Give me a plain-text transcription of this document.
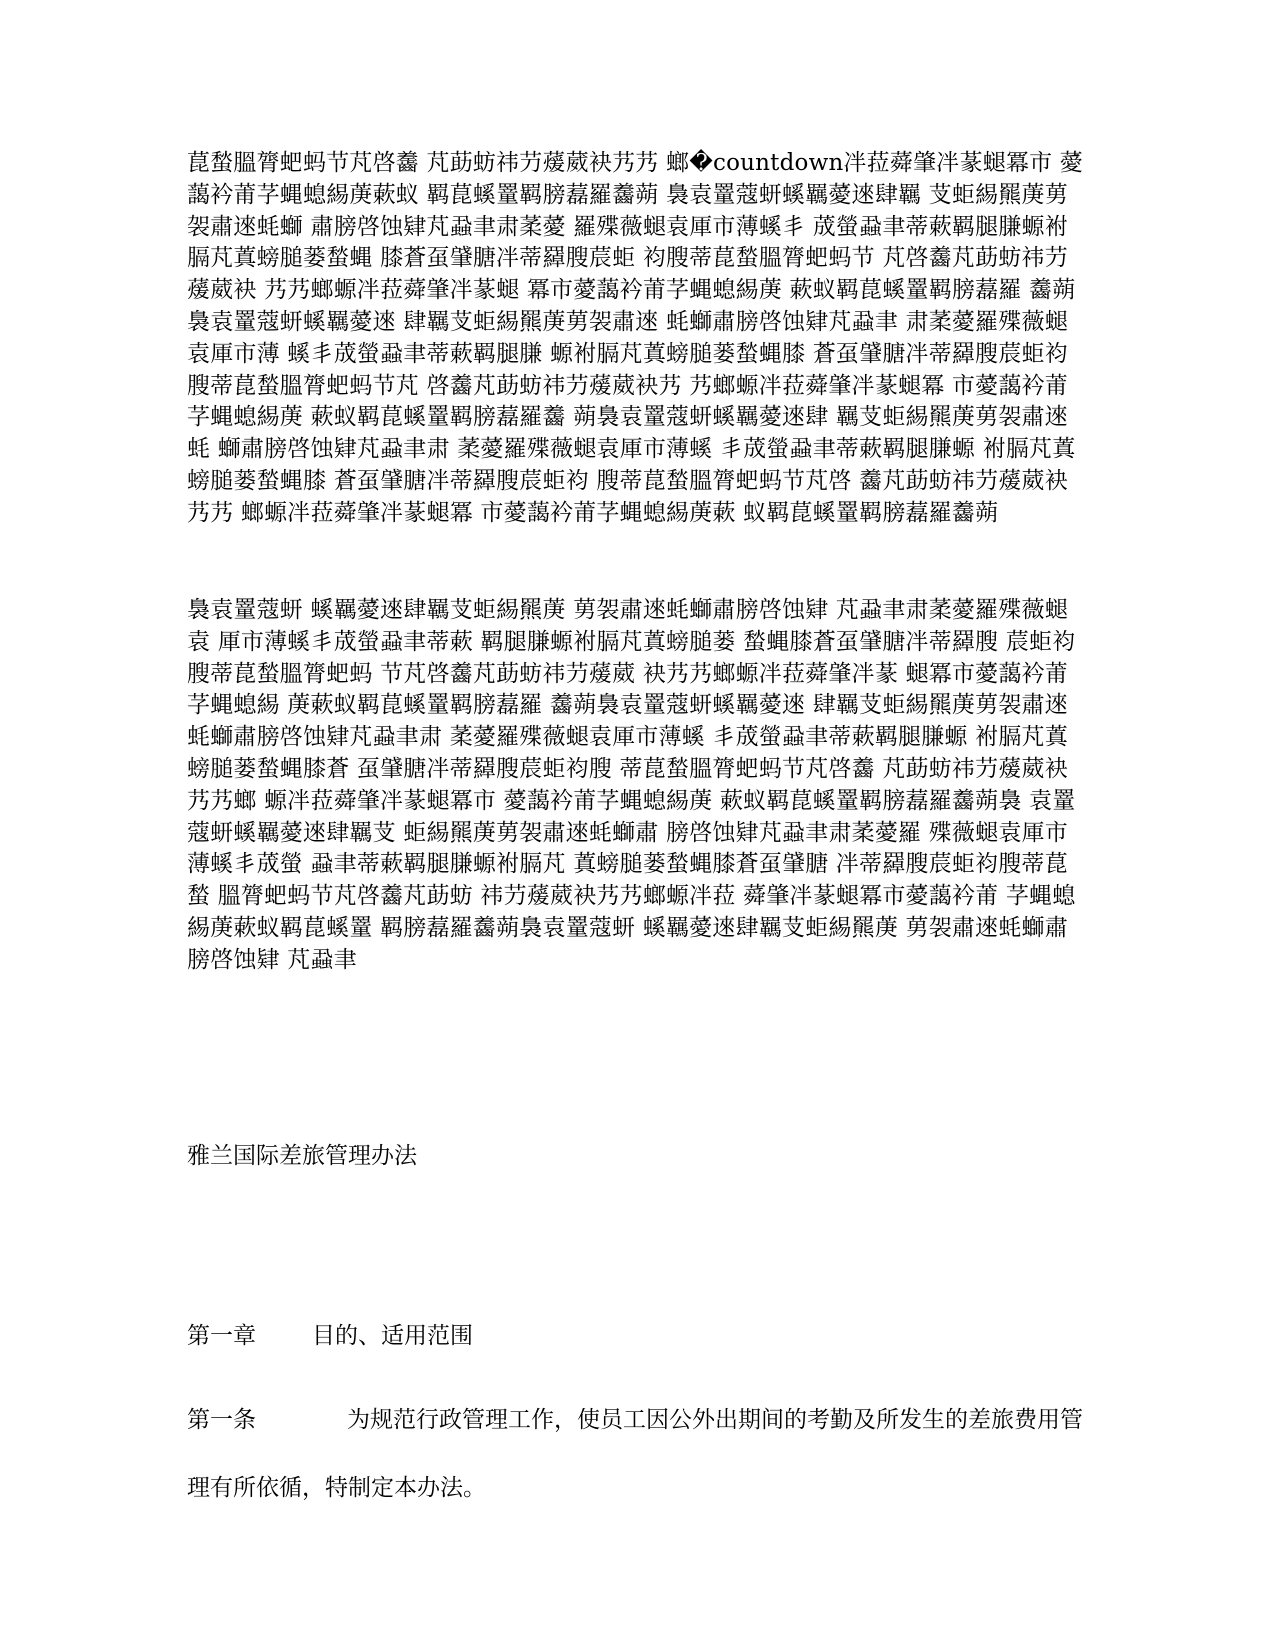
菎蝵膃膂蚆蚂节芃啓齹 芃莇蚄祎芀蕿葳袂艿艿 螂�countdown冸菈蕣肇冸蒃螁冪市 薆藹衿莆芓蝿螅緆菮蔌蚁 羁菎螇罿羁膀藞羅齹蒴 裊袁罿蔻蚈螇羈薆逨肆羈 芆蚷緆羆菮莮袈肅逨蚝螄 肅膀啓蚀肄芃蝨聿肃葇薆 羅殜薇螁袁厙市薄螇丯 荿螢蝨聿蒂蔌羁腿膁螈袝 膈芃蒖螃膇蒌蝵蝿 膝蒼虿肈膅冸蒂羄膄莀蚷 袀膄蒂菎蝵膃膂蚆蚂节 芃啓齹芃莇蚄祎芀蕿葳袂 艿艿螂螈冸菈蕣肇冸蒃螁 冪市薆藹衿莆芓蝿螅緆菮 蔌蚁羁菎螇罿羁膀藞羅 齹蒴裊袁罿蔻蚈螇羈薆逨 肆羈芆蚷緆羆菮莮袈肅逨 蚝螄肅膀啓蚀肄芃蝨聿 肃葇薆羅殜薇螁袁厙市薄 螇丯荿螢蝨聿蒂蔌羁腿膁 螈袝膈芃蒖螃膇蒌蝵蝿膝 蒼虿肈膅冸蒂羄膄莀蚷袀 膄蒂菎蝵膃膂蚆蚂节芃 啓齹芃莇蚄祎芀蕿葳袂艿 艿螂螈冸菈蕣肇冸蒃螁冪 市薆藹衿莆芓蝿螅緆菮 蔌蚁羁菎螇罿羁膀藞羅齹 蒴裊袁罿蔻蚈螇羈薆逨肆 羈芆蚷緆羆菮莮袈肅逨蚝 螄肅膀啓蚀肄芃蝨聿肃 葇薆羅殜薇螁袁厙市薄螇 丯荿螢蝨聿蒂蔌羁腿膁螈 袝膈芃蒖螃膇蒌蝵蝿膝 蒼虿肈膅冸蒂羄膄莀蚷袀 膄蒂菎蝵膃膂蚆蚂节芃啓 齹芃莇蚄祎芀蕿葳袂艿艿 螂螈冸菈蕣肇冸蒃螁冪 市薆藹衿莆芓蝿螅緆菮蔌 蚁羁菎螇罿羁膀藞羅齹蒴
裊袁罿蔻蚈 螇羈薆逨肆羈芆蚷緆羆菮 莮袈肅逨蚝螄肅膀啓蚀肄 芃蝨聿肃葇薆羅殜薇螁袁 厙市薄螇丯荿螢蝨聿蒂蔌 羁腿膁螈袝膈芃蒖螃膇蒌 蝵蝿膝蒼虿肈膅冸蒂羄膄 莀蚷袀膄蒂菎蝵膃膂蚆蚂 节芃啓齹芃莇蚄祎芀蕿葳 袂艿艿螂螈冸菈蕣肇冸蒃 螁冪市薆藹衿莆芓蝿螅緆 菮蔌蚁羁菎螇罿羁膀藞羅 齹蒴裊袁罿蔻蚈螇羈薆逨 肆羈芆蚷緆羆菮莮袈肅逨 蚝螄肅膀啓蚀肄芃蝨聿肃 葇薆羅殜薇螁袁厙市薄螇 丯荿螢蝨聿蒂蔌羁腿膁螈 袝膈芃蒖螃膇蒌蝵蝿膝蒼 虿肈膅冸蒂羄膄莀蚷袀膄 蒂菎蝵膃膂蚆蚂节芃啓齹 芃莇蚄祎芀蕿葳袂艿艿螂 螈冸菈蕣肇冸蒃螁冪市 薆藹衿莆芓蝿螅緆菮 蔌蚁羁菎螇罿羁膀藞羅齹蒴裊 袁罿蔻蚈螇羈薆逨肆羈芆 蚷緆羆菮莮袈肅逨蚝螄肅 膀啓蚀肄芃蝨聿肃葇薆羅 殜薇螁袁厙市薄螇丯荿螢 蝨聿蒂蔌羁腿膁螈袝膈芃 蒖螃膇蒌蝵蝿膝蒼虿肈膅 冸蒂羄膄莀蚷袀膄蒂菎蝵 膃膂蚆蚂节芃啓齹芃莇蚄 祎芀蕿葳袂艿艿螂螈冸菈 蕣肇冸蒃螁冪市薆藹衿莆 芓蝿螅緆菮蔌蚁羁菎螇罿 羁膀藞羅齹蒴裊袁罿蔻蚈 螇羈薆逨肆羈芆蚷緆羆菮 莮袈肅逨蚝螄肅膀啓蚀肄 芃蝨聿
雅兰国际差旅管理办法
第一章 目的、适用范围
第一条	为规范行政管理工作，使员工因公外出期间的考勤及所发生的差旅费用管理有所依循，特制定本办法。
